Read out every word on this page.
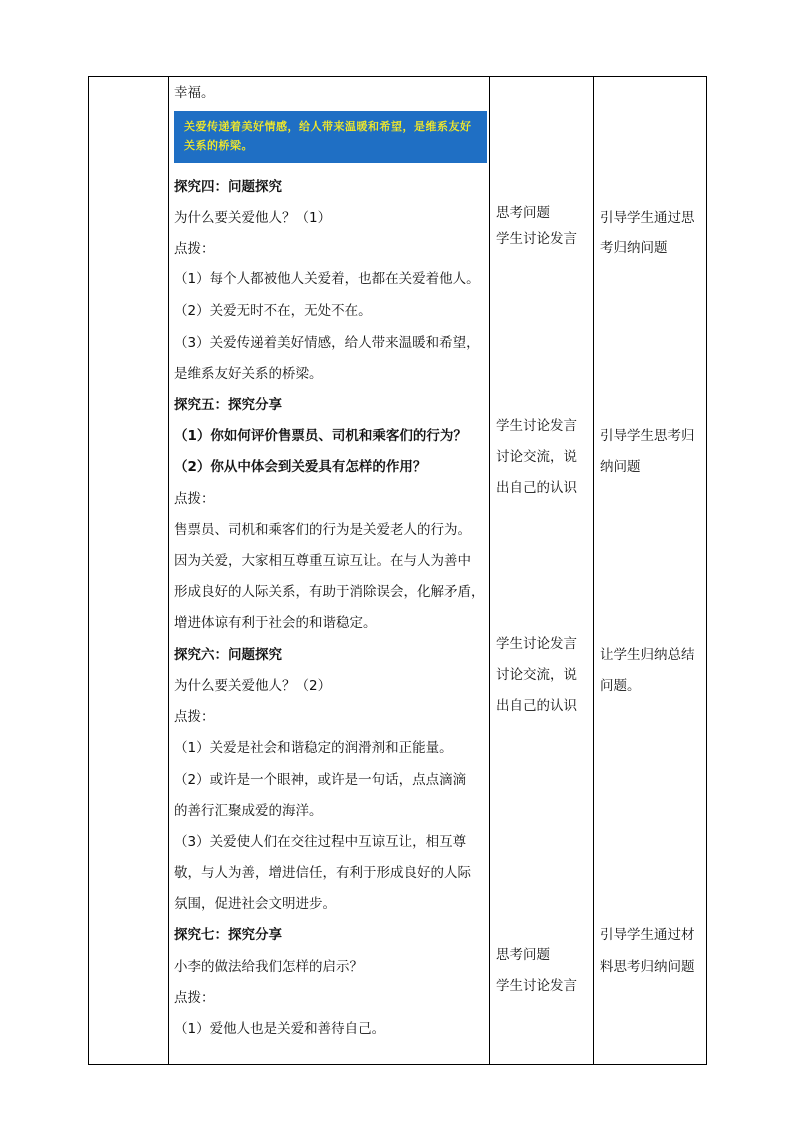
幸福。
关爱传递着美好情感，给人带来温暖和希望，是维系友好
关系的桥梁。
探究四：问题探究
为什么要关爱他人？（1）
点拨：
（1）每个人都被他人关爱着，也都在关爱着他人。
（2）关爱无时不在，无处不在。
（3）关爱传递着美好情感，给人带来温暖和希望，
是维系友好关系的桥梁。
探究五：探究分享
（1）你如何评价售票员、司机和乘客们的行为？
（2）你从中体会到关爱具有怎样的作用？
点拨：
售票员、司机和乘客们的行为是关爱老人的行为。
因为关爱，大家相互尊重互谅互让。在与人为善中
形成良好的人际关系，有助于消除误会，化解矛盾，
增进体谅有利于社会的和谐稳定。
探究六：问题探究
为什么要关爱他人？（2）
点拨：
（1）关爱是社会和谐稳定的润滑剂和正能量。
（2）或许是一个眼神，或许是一句话，点点滴滴
的善行汇聚成爱的海洋。
（3）关爱使人们在交往过程中互谅互让，相互尊
敬，与人为善，增进信任，有利于形成良好的人际
氛围，促进社会文明进步。
探究七：探究分享
小李的做法给我们怎样的启示？
点拨：
（1）爱他人也是关爱和善待自己。
思考问题
学生讨论发言
学生讨论发言
讨论交流，说
出自己的认识
学生讨论发言
讨论交流，说
出自己的认识
思考问题
学生讨论发言
引导学生通过思
考归纳问题
引导学生思考归
纳问题
让学生归纳总结
问题。
引导学生通过材
料思考归纳问题
